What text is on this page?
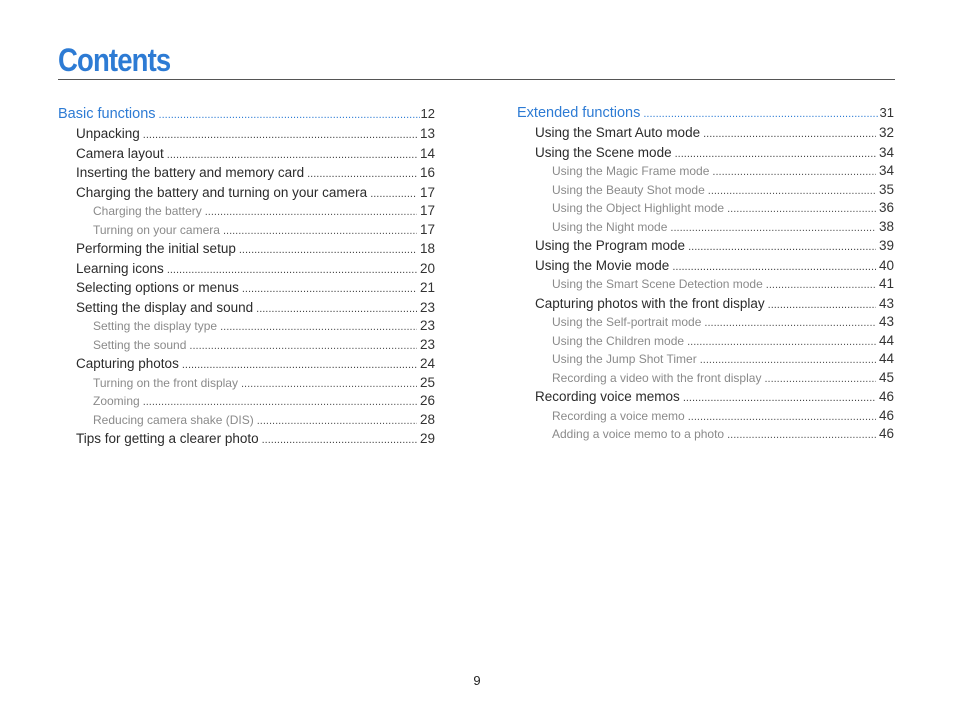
Contents
Basic functions .....	12
Unpacking .....	13
Camera layout .....	14
Inserting the battery and memory card .....	16
Charging the battery and turning on your camera .....	17
Charging the battery .....	17
Turning on your camera .....	17
Performing the initial setup .....	18
Learning icons .....	20
Selecting options or menus .....	21
Setting the display and sound .....	23
Setting the display type .....	23
Setting the sound .....	23
Capturing photos .....	24
Turning on the front display .....	25
Zooming .....	26
Reducing camera shake (DIS) .....	28
Tips for getting a clearer photo .....	29
Extended functions .....	31
Using the Smart Auto mode .....	32
Using the Scene mode .....	34
Using the Magic Frame mode .....	34
Using the Beauty Shot mode .....	35
Using the Object Highlight mode .....	36
Using the Night mode .....	38
Using the Program mode .....	39
Using the Movie mode .....	40
Using the Smart Scene Detection mode .....	41
Capturing photos with the front display .....	43
Using the Self-portrait mode .....	43
Using the Children mode .....	44
Using the Jump Shot Timer .....	44
Recording a video with the front display .....	45
Recording voice memos .....	46
Recording a voice memo .....	46
Adding a voice memo to a photo .....	46
9
